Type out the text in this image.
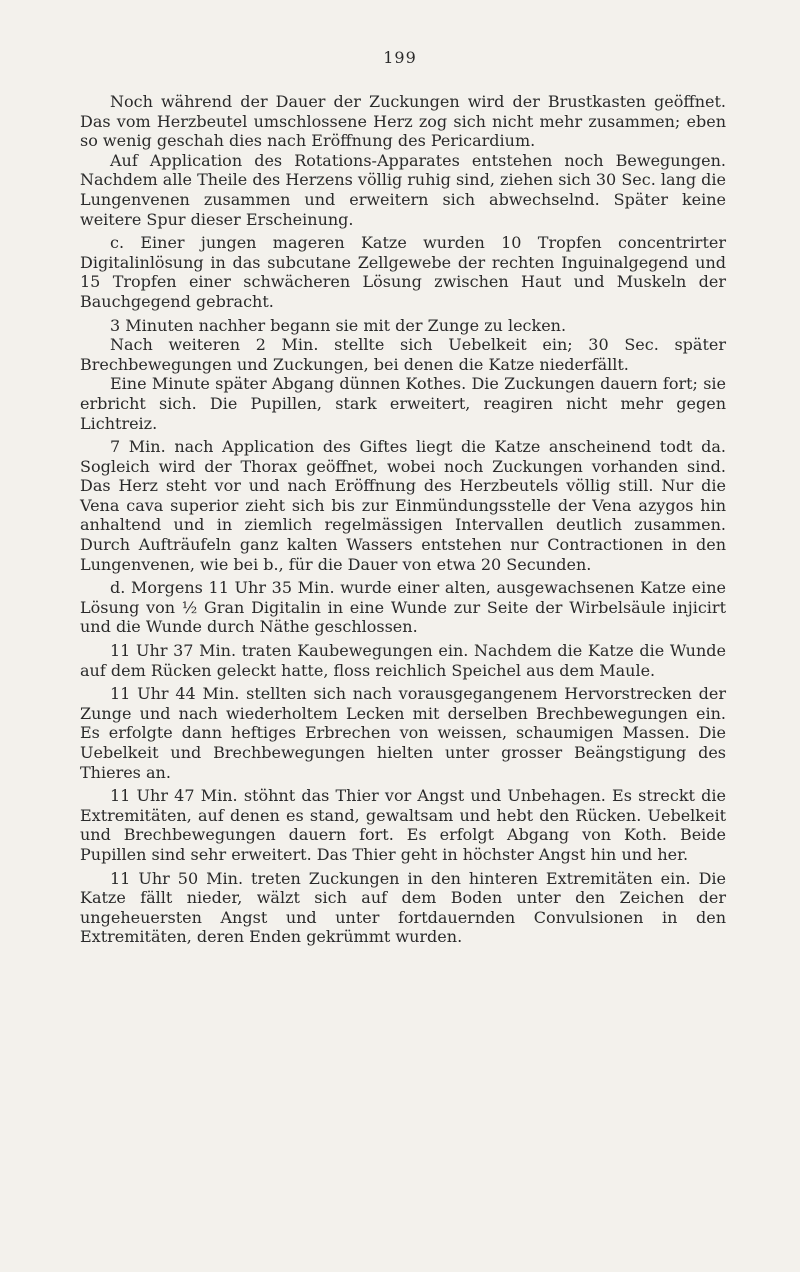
199

Noch während der Dauer der Zuckungen wird der Brustkasten geöffnet. Das vom Herzbeutel umschlossene Herz zog sich nicht mehr zusammen; eben so wenig geschah dies nach Eröffnung des Pericardium.

Auf Application des Rotations-Apparates entstehen noch Bewegungen. Nachdem alle Theile des Herzens völlig ruhig sind, ziehen sich 30 Sec. lang die Lungenvenen zusammen und erweitern sich abwechselnd. Später keine weitere Spur dieser Erscheinung.

c. Einer jungen mageren Katze wurden 10 Tropfen concentrirter Digitalinlösung in das subcutane Zellgewebe der rechten Inguinalgegend und 15 Tropfen einer schwächeren Lösung zwischen Haut und Muskeln der Bauchgegend gebracht.

3 Minuten nachher begann sie mit der Zunge zu lecken.

Nach weiteren 2 Min. stellte sich Uebelkeit ein; 30 Sec. später Brechbewegungen und Zuckungen, bei denen die Katze niederfällt.

Eine Minute später Abgang dünnen Kothes. Die Zuckungen dauern fort; sie erbricht sich. Die Pupillen, stark erweitert, reagiren nicht mehr gegen Lichtreiz.

7 Min. nach Application des Giftes liegt die Katze anscheinend todt da. Sogleich wird der Thorax geöffnet, wobei noch Zuckungen vorhanden sind. Das Herz steht vor und nach Eröffnung des Herzbeutels völlig still. Nur die Vena cava superior zieht sich bis zur Einmündungsstelle der Vena azygos hin anhaltend und in ziemlich regelmässigen Intervallen deutlich zusammen. Durch Aufträufeln ganz kalten Wassers entstehen nur Contractionen in den Lungenvenen, wie bei b., für die Dauer von etwa 20 Secunden.

d. Morgens 11 Uhr 35 Min. wurde einer alten, ausgewachsenen Katze eine Lösung von ½ Gran Digitalin in eine Wunde zur Seite der Wirbelsäule injicirt und die Wunde durch Näthe geschlossen.

11 Uhr 37 Min. traten Kaubewegungen ein. Nachdem die Katze die Wunde auf dem Rücken geleckt hatte, floss reichlich Speichel aus dem Maule.

11 Uhr 44 Min. stellten sich nach vorausgegangenem Hervorstrecken der Zunge und nach wiederholtem Lecken mit derselben Brechbewegungen ein. Es erfolgte dann heftiges Erbrechen von weissen, schaumigen Massen. Die Uebelkeit und Brechbewegungen hielten unter grosser Beängstigung des Thieres an.

11 Uhr 47 Min. stöhnt das Thier vor Angst und Unbehagen. Es streckt die Extremitäten, auf denen es stand, gewaltsam und hebt den Rücken. Uebelkeit und Brechbewegungen dauern fort. Es erfolgt Abgang von Koth. Beide Pupillen sind sehr erweitert. Das Thier geht in höchster Angst hin und her.

11 Uhr 50 Min. treten Zuckungen in den hinteren Extremitäten ein. Die Katze fällt nieder, wälzt sich auf dem Boden unter den Zeichen der ungeheuersten Angst und unter fortdauernden Convulsionen in den Extremitäten, deren Enden gekrümmt wurden.
